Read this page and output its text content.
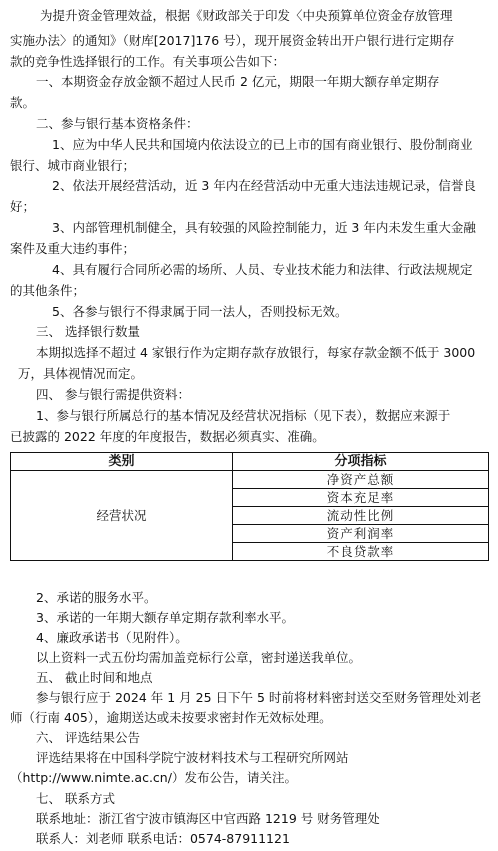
为提升资金管理效益，根据《财政部关于印发〈中央预算单位资金存放管理
实施办法〉的通知》（财库[2017]176 号），现开展资金转出开户银行进行定期存
款的竞争性选择银行的工作。有关事项公告如下：
一、本期资金存放金额不超过人民币 2 亿元，期限一年期大额存单定期存
款。
二、参与银行基本资格条件：
1、应为中华人民共和国境内依法设立的已上市的国有商业银行、股份制商业
银行、城市商业银行；
2、依法开展经营活动，近 3 年内在经营活动中无重大违法违规记录，信誉良
好；
3、内部管理机制健全，具有较强的风险控制能力，近 3 年内未发生重大金融
案件及重大违约事件；
4、具有履行合同所必需的场所、人员、专业技术能力和法律、行政法规规定
的其他条件；
5、各参与银行不得隶属于同一法人，否则投标无效。
三、 选择银行数量
本期拟选择不超过 4 家银行作为定期存款存放银行，每家存款金额不低于 3000
万，具体视情况而定。
四、 参与银行需提供资料：
1、参与银行所属总行的基本情况及经营状况指标（见下表），数据应来源于
已披露的 2022 年度的年度报告，数据必须真实、准确。
2、承诺的服务水平。
3、承诺的一年期大额存单定期存款利率水平。
4、廉政承诺书（见附件）。
以上资料一式五份均需加盖竞标行公章，密封递送我单位。
五、 截止时间和地点
参与银行应于 2024 年 1 月 25 日下午 5 时前将材料密封送交至财务管理处刘老
师（行南 405），逾期送达或未按要求密封作无效标处理。
六、 评选结果公告
评选结果将在中国科学院宁波材料技术与工程研究所网站
（http://www.nimte.ac.cn/）发布公告，请关注。
七、 联系方式
联系地址：浙江省宁波市镇海区中官西路 1219 号 财务管理处
联系人：刘老师 联系电话：0574-87911121
类别	分项指标
经营状况	净资产总额
	资本充足率
	流动性比例
	资产利润率
	不良贷款率
